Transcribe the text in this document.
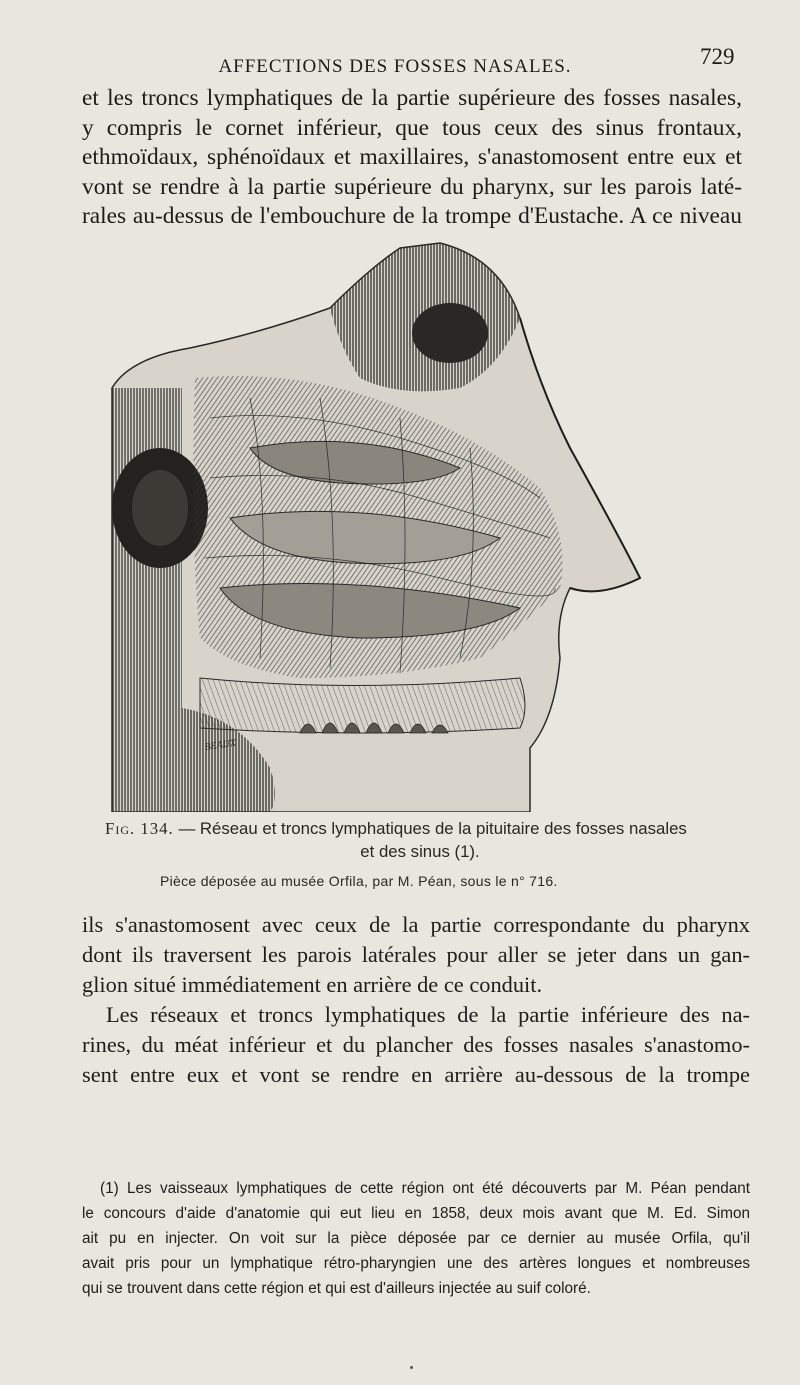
AFFECTIONS DES FOSSES NASALES.	729
et les troncs lymphatiques de la partie supérieure des fosses nasales,
y compris le cornet inférieur, que tous ceux des sinus frontaux,
ethmoïdaux, sphénoïdaux et maxillaires, s'anastomosent entre eux et
vont se rendre à la partie supérieure du pharynx, sur les parois laté-
rales au-dessus de l'embouchure de la trompe d'Eustache. A ce niveau
BEAUX
Fig. 134. — Réseau et troncs lymphatiques de la pituitaire des fosses nasales
et des sinus (1).
Pièce déposée au musée Orfila, par M. Péan, sous le n° 716.
ils s'anastomosent avec ceux de la partie correspondante du pharynx
dont ils traversent les parois latérales pour aller se jeter dans un gan-
glion situé immédiatement en arrière de ce conduit.
Les réseaux et troncs lymphatiques de la partie inférieure des na-
rines, du méat inférieur et du plancher des fosses nasales s'anastomo-
sent entre eux et vont se rendre en arrière au-dessous de la trompe
(1) Les vaisseaux lymphatiques de cette région ont été découverts par M. Péan pendant
le concours d'aide d'anatomie qui eut lieu en 1858, deux mois avant que M. Ed. Simon
ait pu en injecter. On voit sur la pièce déposée par ce dernier au musée Orfila, qu'il
avait pris pour un lymphatique rétro-pharyngien une des artères longues et nombreuses
qui se trouvent dans cette région et qui est d'ailleurs injectée au suif coloré.
